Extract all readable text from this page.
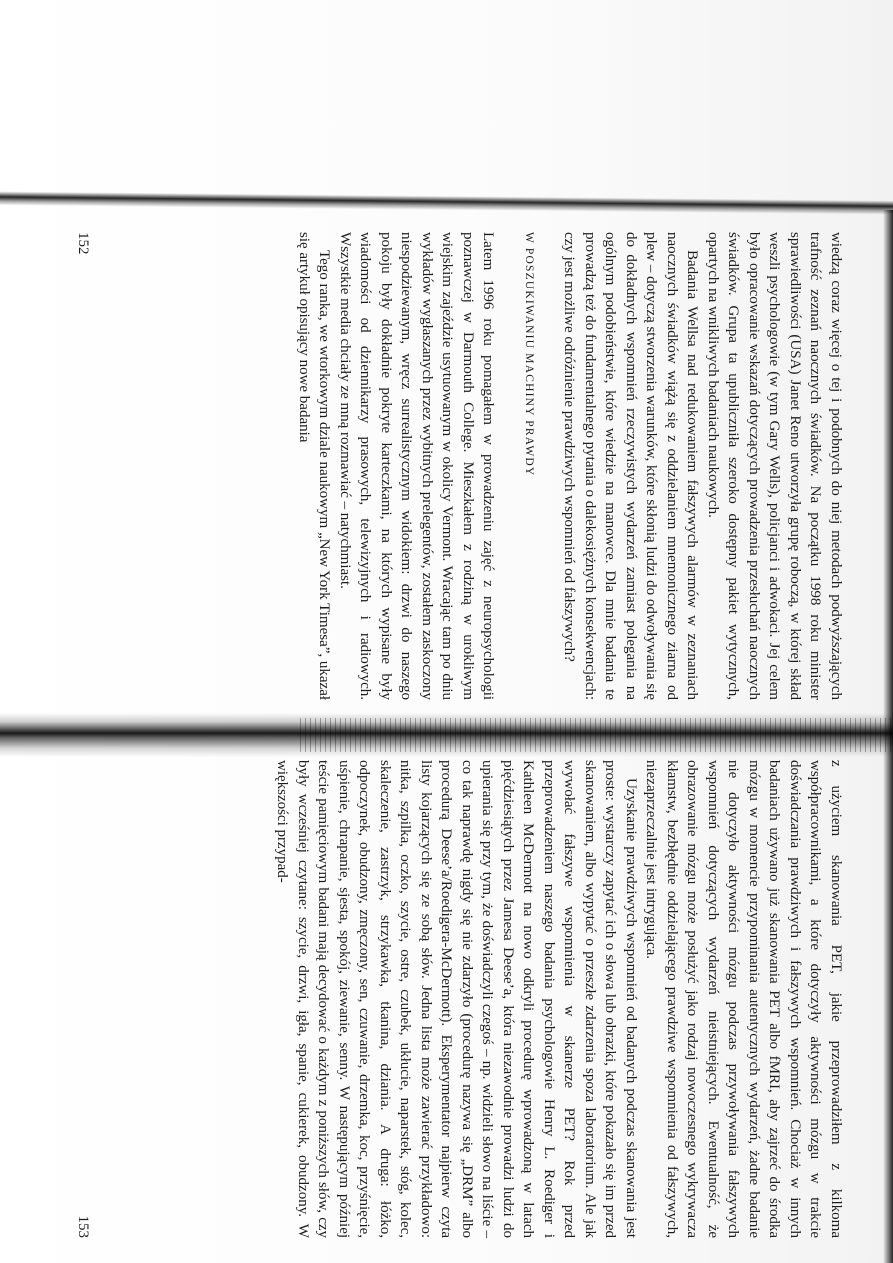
wiedzą coraz więcej o tej i podobnych do niej metodach podwyższających trafność zeznań naocznych świadków. Na początku 1998 roku minister sprawiedliwości (USA) Janet Reno utworzyła grupę roboczą, w której skład weszli psychologowie (w tym Gary Wells), policjanci i adwokaci. Jej celem było opracowanie wskazań dotyczących prowadzenia przesłuchań naocznych świadków. Grupa ta upubliczniła szeroko dostępny pakiet wytycznych, opartych na wnikliwych badaniach naukowych.

Badania Wellsa nad redukowaniem fałszywych alarmów w zeznaniach naocznych świadków wiążą się z oddzielaniem mnemonicznego ziarna od plew – dotyczą stworzenia warunków, które skłonią ludzi do odwoływania się do dokładnych wspomnień rzeczywistych wydarzeń zamiast polegania na ogólnym podobieństwie, które wiedzie na manowce. Dla mnie badania te prowadzą też do fundamentalnego pytania o dalekosiężnych konsekwencjach: czy jest możliwe odróżnienie prawdziwych wspomnień od fałszywych?

W POSZUKIWANIU MACHINY PRAWDY

Latem 1996 roku pomagałem w prowadzeniu zajęć z neuropsychologii poznawczej w Darmouth College. Mieszkałem z rodziną w urokliwym wiejskim zajeździe usytuowanym w okolicy Vermont. Wracając tam po dniu wykładów wygłaszanych przez wybitnych prelegentów, zostałem zaskoczony niespodziewanym, wręcz surrealistycznym widokiem: drzwi do naszego pokoju były dokładnie pokryte karteczkami, na których wypisane były wiadomości od dziennikarzy prasowych, telewizyjnych i radiowych. Wszystkie media chciały ze mną rozmawiać – natychmiast.

Tego ranka, we wtorkowym dziale naukowym „New York Timesa”, ukazał się artykuł opisujący nowe badania

152

z użyciem skanowania PET, jakie przeprowadziłem z kilkoma współpracownikami, a które dotyczyły aktywności mózgu w trakcie doświadczania prawdziwych i fałszywych wspomnień. Chociaż w innych badaniach używano już skanowania PET albo fMRI, aby zajrzeć do środka mózgu w momencie przypominania autentycznych wydarzeń, żadne badanie nie dotyczyło aktywności mózgu podczas przywoływania fałszywych wspomnień dotyczących wydarzeń nieistniejących. Ewentualność, że obrazowanie mózgu może posłużyć jako rodzaj nowoczesnego wykrywacza kłamstw, bezbłędnie oddzielającego prawdziwe wspomnienia od fałszywych, niezaprzeczalnie jest intrygująca.

Uzyskanie prawdziwych wspomnień od badanych podczas skanowania jest proste: wystarczy zapytać ich o słowa lub obrazki, które pokazało się im przed skanowaniem, albo wypytać o przeszłe zdarzenia spoza laboratorium. Ale jak wywołać fałszywe wspomnienia w skanerze PET? Rok przed przeprowadzeniem naszego badania psychologowie Henry L. Roediger i Kathleen McDermott na nowo odkryli procedurę wprowadzoną w latach pięćdziesiątych przez Jamesa Deese’a, która niezawodnie prowadzi ludzi do upierania się przy tym, że doświadczyli czegoś – np. widzieli słowo na liście – co tak naprawdę nigdy się nie zdarzyło (procedurę nazywa się „DRM” albo procedurą Deese’a/Roedigera-McDermott). Eksperymentator najpierw czyta listy kojarzących się ze sobą słów. Jedna lista może zawierać przykładowo: nitka, szpilka, oczko, szycie, ostre, czubek, ukłucie, naparstek, stóg, kolec, skaleczenie, zastrzyk, strzykawka, tkanina, dziania. A druga: łóżko, odpoczynek, obudzony, zmęczony, sen, czuwanie, drzemka, koc, przyśnięcie, uśpienie, chrapanie, sjesta, spokój, ziewanie, senny. W następującym później teście pamięciowym badani mają decydować o każdym z poniższych słów, czy były wcześniej czytane: szycie, drzwi, igła, spanie, cukierek, obudzony. W większości przypad-

153
